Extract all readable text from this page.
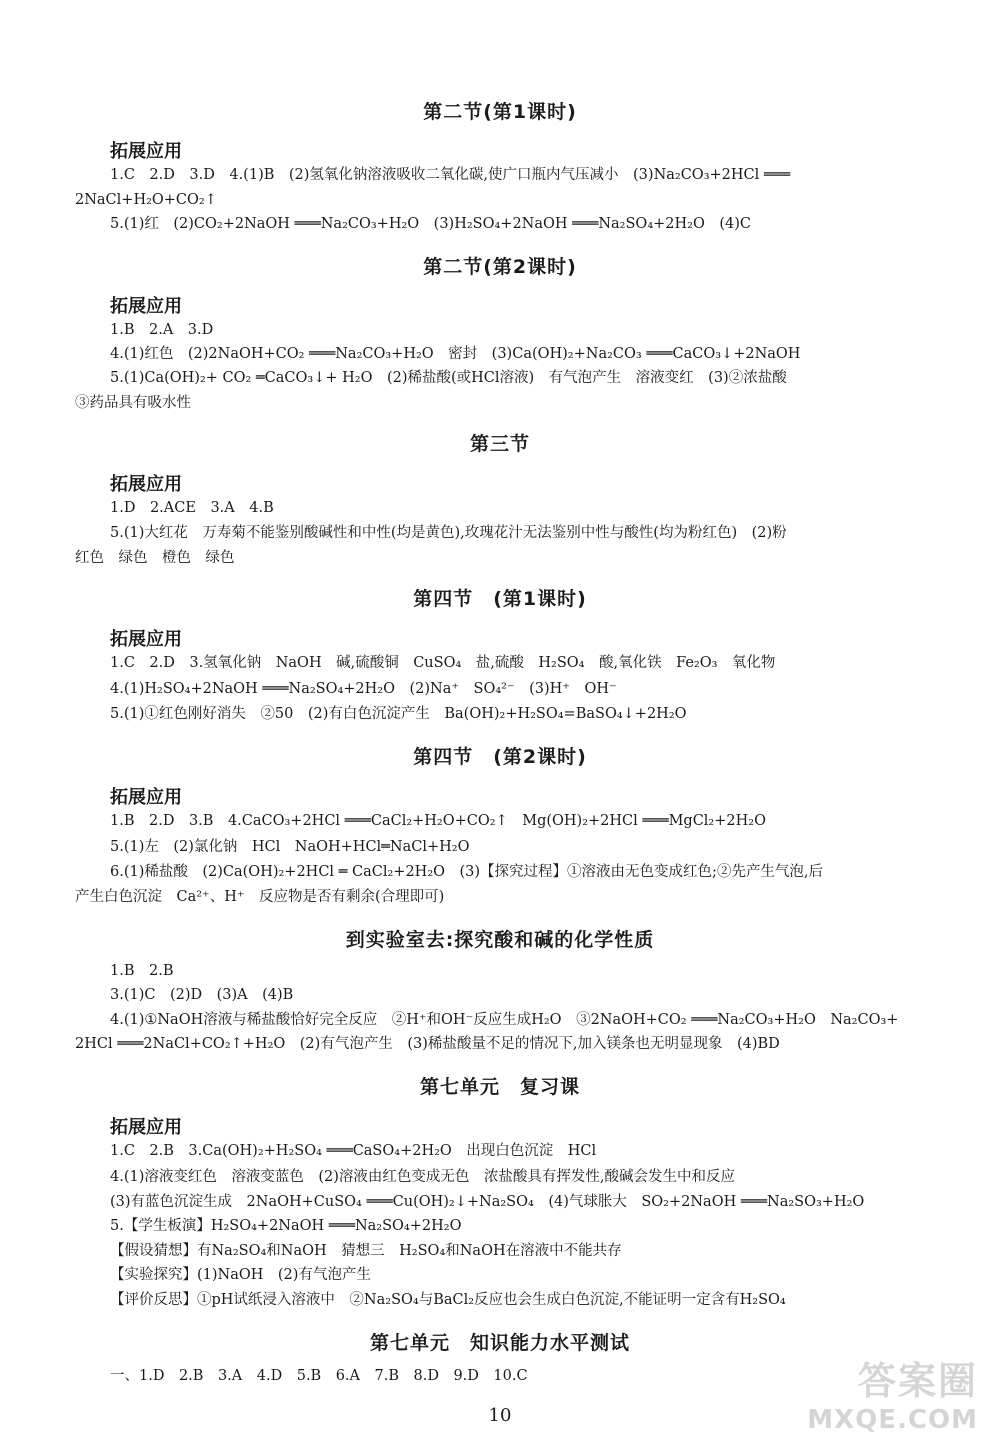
第二节(第1课时)
拓展应用
1.C　2.D　3.D　4.(1)B　(2)氢氧化钠溶液吸收二氧化碳,使广口瓶内气压减小　(3)Na₂CO₃+2HCl ═══
2NaCl+H₂O+CO₂↑
5.(1)红　(2)CO₂+2NaOH ═══Na₂CO₃+H₂O　(3)H₂SO₄+2NaOH ═══Na₂SO₄+2H₂O　(4)C
第二节(第2课时)
拓展应用
1.B　2.A　3.D
4.(1)红色　(2)2NaOH+CO₂ ═══Na₂CO₃+H₂O　密封　(3)Ca(OH)₂+Na₂CO₃ ═══CaCO₃↓+2NaOH
5.(1)Ca(OH)₂+ CO₂ ═CaCO₃↓+ H₂O　(2)稀盐酸(或HCl溶液)　有气泡产生　溶液变红　(3)②浓盐酸
③药品具有吸水性
第三节
拓展应用
1.D　2.ACE　3.A　4.B
5.(1)大红花　万寿菊不能鉴别酸碱性和中性(均是黄色),玫瑰花汁无法鉴别中性与酸性(均为粉红色)　(2)粉
红色　绿色　橙色　绿色
第四节　(第1课时)
拓展应用
1.C　2.D　3.氢氧化钠　NaOH　碱,硫酸铜　CuSO₄　盐,硫酸　H₂SO₄　酸,氧化铁　Fe₂O₃　氧化物
4.(1)H₂SO₄+2NaOH ═══Na₂SO₄+2H₂O　(2)Na⁺　SO₄²⁻　(3)H⁺　OH⁻
5.(1)①红色刚好消失　②50　(2)有白色沉淀产生　Ba(OH)₂+H₂SO₄=BaSO₄↓+2H₂O
第四节　(第2课时)
拓展应用
1.B　2.D　3.B　4.CaCO₃+2HCl ═══CaCl₂+H₂O+CO₂↑　Mg(OH)₂+2HCl ═══MgCl₂+2H₂O
5.(1)左　(2)氯化钠　HCl　NaOH+HCl═NaCl+H₂O
6.(1)稀盐酸　(2)Ca(OH)₂+2HCl ═ CaCl₂+2H₂O　(3)【探究过程】①溶液由无色变成红色;②先产生气泡,后
产生白色沉淀　Ca²⁺、H⁺　反应物是否有剩余(合理即可)
到实验室去:探究酸和碱的化学性质
1.B　2.B
3.(1)C　(2)D　(3)A　(4)B
4.(1)①NaOH溶液与稀盐酸恰好完全反应　②H⁺和OH⁻反应生成H₂O　③2NaOH+CO₂ ═══Na₂CO₃+H₂O　Na₂CO₃+
2HCl ═══2NaCl+CO₂↑+H₂O　(2)有气泡产生　(3)稀盐酸量不足的情况下,加入镁条也无明显现象　(4)BD
第七单元　复习课
拓展应用
1.C　2.B　3.Ca(OH)₂+H₂SO₄ ═══CaSO₄+2H₂O　出现白色沉淀　HCl
4.(1)溶液变红色　溶液变蓝色　(2)溶液由红色变成无色　浓盐酸具有挥发性,酸碱会发生中和反应
(3)有蓝色沉淀生成　2NaOH+CuSO₄ ═══Cu(OH)₂↓+Na₂SO₄　(4)气球胀大　SO₂+2NaOH ═══Na₂SO₃+H₂O
5.【学生板演】H₂SO₄+2NaOH ═══Na₂SO₄+2H₂O
【假设猜想】有Na₂SO₄和NaOH　猜想三　H₂SO₄和NaOH在溶液中不能共存
【实验探究】(1)NaOH　(2)有气泡产生
【评价反思】①pH试纸浸入溶液中　②Na₂SO₄与BaCl₂反应也会生成白色沉淀,不能证明一定含有H₂SO₄
第七单元　知识能力水平测试
一、1.D　2.B　3.A　4.D　5.B　6.A　7.B　8.D　9.D　10.C
10
答案圈
MXQE.COM
